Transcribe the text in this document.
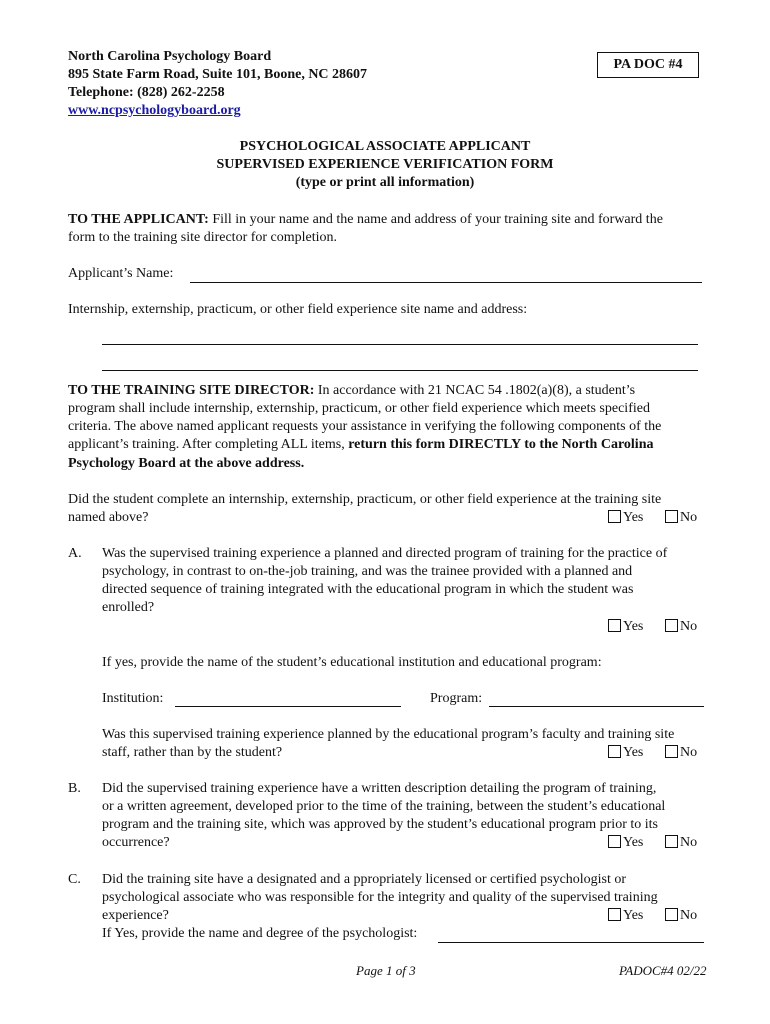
North Carolina Psychology Board
895 State Farm Road, Suite 101, Boone, NC 28607
Telephone: (828) 262-2258
www.ncpsychologyboard.org
PA DOC #4
PSYCHOLOGICAL ASSOCIATE APPLICANT
SUPERVISED EXPERIENCE VERIFICATION FORM
(type or print all information)
TO THE APPLICANT: Fill in your name and the name and address of your training site and forward the
form to the training site director for completion.
Applicant’s Name:
Internship, externship, practicum, or other field experience site name and address:
TO THE TRAINING SITE DIRECTOR: In accordance with 21 NCAC 54 .1802(a)(8), a student’s
program shall include internship, externship, practicum, or other field experience which meets specified
criteria. The above named applicant requests your assistance in verifying the following components of the
applicant’s training. After completing ALL items, return this form DIRECTLY to the North Carolina
Psychology Board at the above address.
Did the student complete an internship, externship, practicum, or other field experience at the training site
named above?	Yes	No
A. Was the supervised training experience a planned and directed program of training for the practice of
psychology, in contrast to on-the-job training, and was the trainee provided with a planned and
directed sequence of training integrated with the educational program in which the student was
enrolled?
Yes	No
If yes, provide the name of the student’s educational institution and educational program:
Institution:	Program:
Was this supervised training experience planned by the educational program’s faculty and training site
staff, rather than by the student?	Yes	No
B. Did the supervised training experience have a written description detailing the program of training,
or a written agreement, developed prior to the time of the training, between the student’s educational
program and the training site, which was approved by the student’s educational program prior to its
occurrence?	Yes	No
C. Did the training site have a designated and a ppropriately licensed or certified psychologist or
psychological associate who was responsible for the integrity and quality of the supervised training
experience?	Yes	No
If Yes, provide the name and degree of the psychologist:
Page 1 of 3	PADOC#4 02/22
